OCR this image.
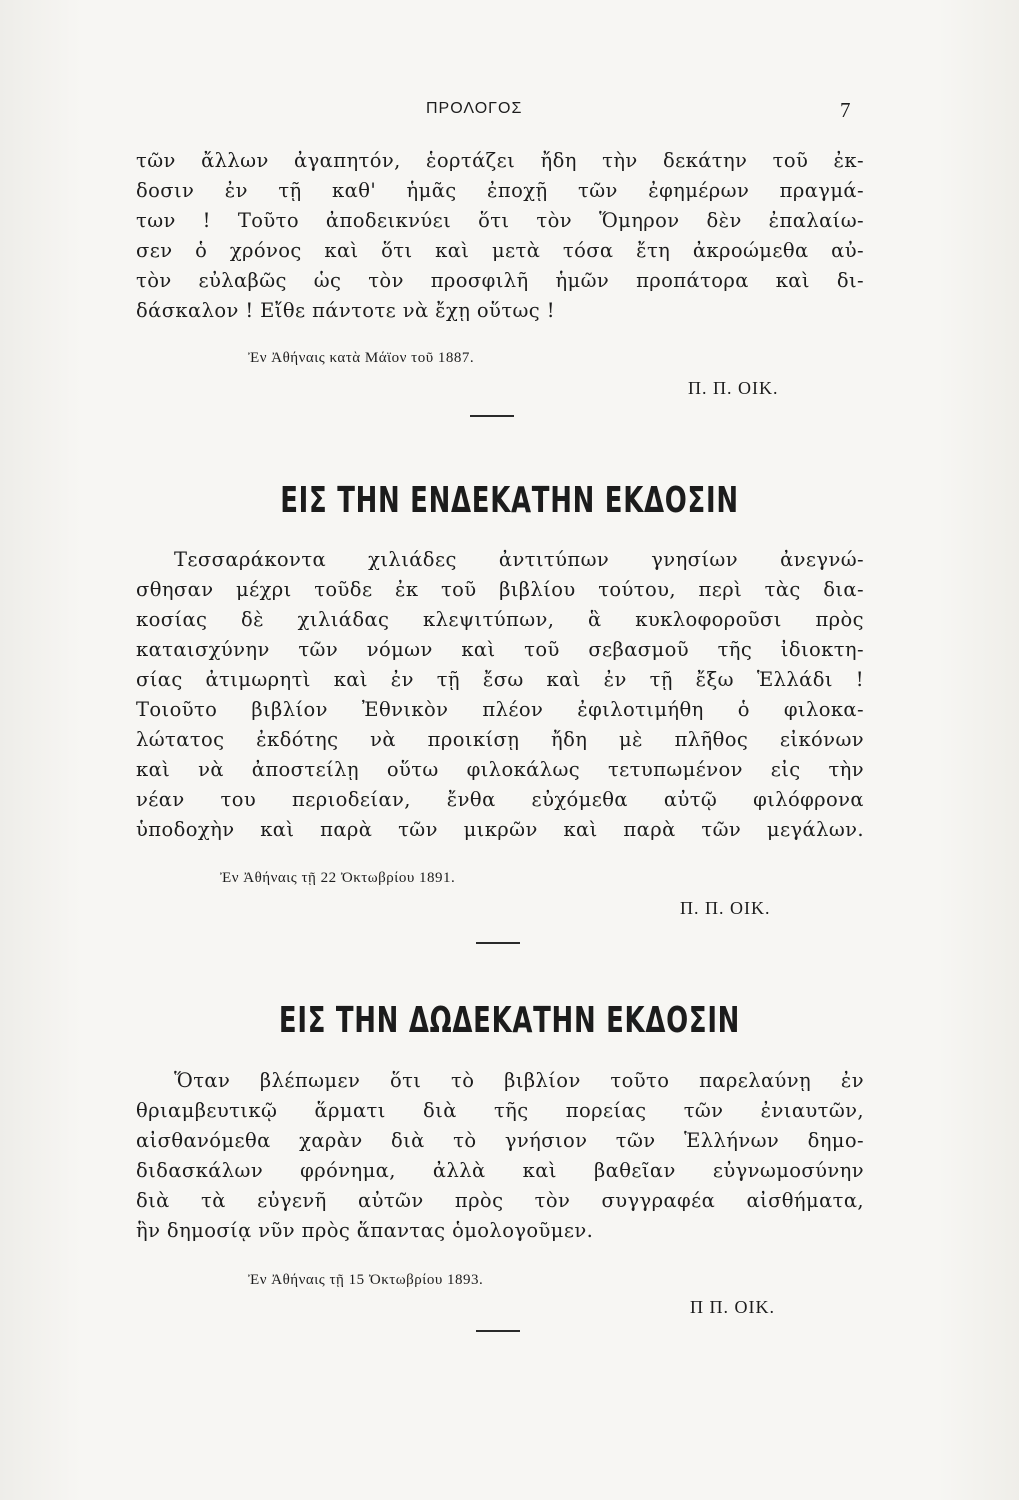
ΠΡΟΛΟΓΟΣ	7
τῶν ἄλλων ἀγαπητόν, ἑορτάζει ἤδη τὴν δεκάτην τοῦ ἐκ-
δοσιν ἐν τῇ καθ' ἡμᾶς ἐποχῇ τῶν ἐφημέρων πραγμά-
των ! Τοῦτο ἀποδεικνύει ὅτι τὸν Ὅμηρον δὲν ἐπαλαίω-
σεν ὁ χρόνος καὶ ὅτι καὶ μετὰ τόσα ἔτη ἀκροώμεθα αὐ-
τὸν εὐλαβῶς ὡς τὸν προσφιλῆ ἡμῶν προπάτορα καὶ δι-
δάσκαλον ! Εἴθε πάντοτε νὰ ἔχῃ οὕτως !
Ἐν Ἀθήναις κατὰ Μάϊον τοῦ 1887.
Π. Π. ΟΙΚ.
ΕΙΣ ΤΗΝ ΕΝΔΕΚΑΤΗΝ ΕΚΔΟΣΙΝ
Τεσσαράκοντα χιλιάδες ἀντιτύπων γνησίων ἀνεγνώ-
σθησαν μέχρι τοῦδε ἐκ τοῦ βιβλίου τούτου, περὶ τὰς δια-
κοσίας δὲ χιλιάδας κλεψιτύπων, ἃ κυκλοφοροῦσι πρὸς
καταισχύνην τῶν νόμων καὶ τοῦ σεβασμοῦ τῆς ἰδιοκτη-
σίας ἀτιμωρητὶ καὶ ἐν τῇ ἔσω καὶ ἐν τῇ ἔξω Ἑλλάδι !
Τοιοῦτο βιβλίον Ἐθνικὸν πλέον ἐφιλοτιμήθη ὁ φιλοκα-
λώτατος ἐκδότης νὰ προικίσῃ ἤδη μὲ πλῆθος εἰκόνων
καὶ νὰ ἀποστείλῃ οὕτω φιλοκάλως τετυπωμένον εἰς τὴν
νέαν του περιοδείαν, ἔνθα εὐχόμεθα αὐτῷ φιλόφρονα
ὑποδοχὴν καὶ παρὰ τῶν μικρῶν καὶ παρὰ τῶν μεγάλων.
Ἐν Ἀθήναις τῇ 22 Ὀκτωβρίου 1891.
Π. Π. ΟΙΚ.
ΕΙΣ ΤΗΝ ΔΩΔΕΚΑΤΗΝ ΕΚΔΟΣΙΝ
Ὅταν βλέπωμεν ὅτι τὸ βιβλίον τοῦτο παρελαύνῃ ἐν
θριαμβευτικῷ ἅρματι διὰ τῆς πορείας τῶν ἐνιαυτῶν,
αἰσθανόμεθα χαρὰν διὰ τὸ γνήσιον τῶν Ἑλλήνων δημο-
διδασκάλων φρόνημα, ἀλλὰ καὶ βαθεῖαν εὐγνωμοσύνην
διὰ τὰ εὐγενῆ αὐτῶν πρὸς τὸν συγγραφέα αἰσθήματα,
ἣν δημοσίᾳ νῦν πρὸς ἅπαντας ὁμολογοῦμεν.
Ἐν Ἀθήναις τῇ 15 Ὀκτωβρίου 1893.
Π Π. ΟΙΚ.
